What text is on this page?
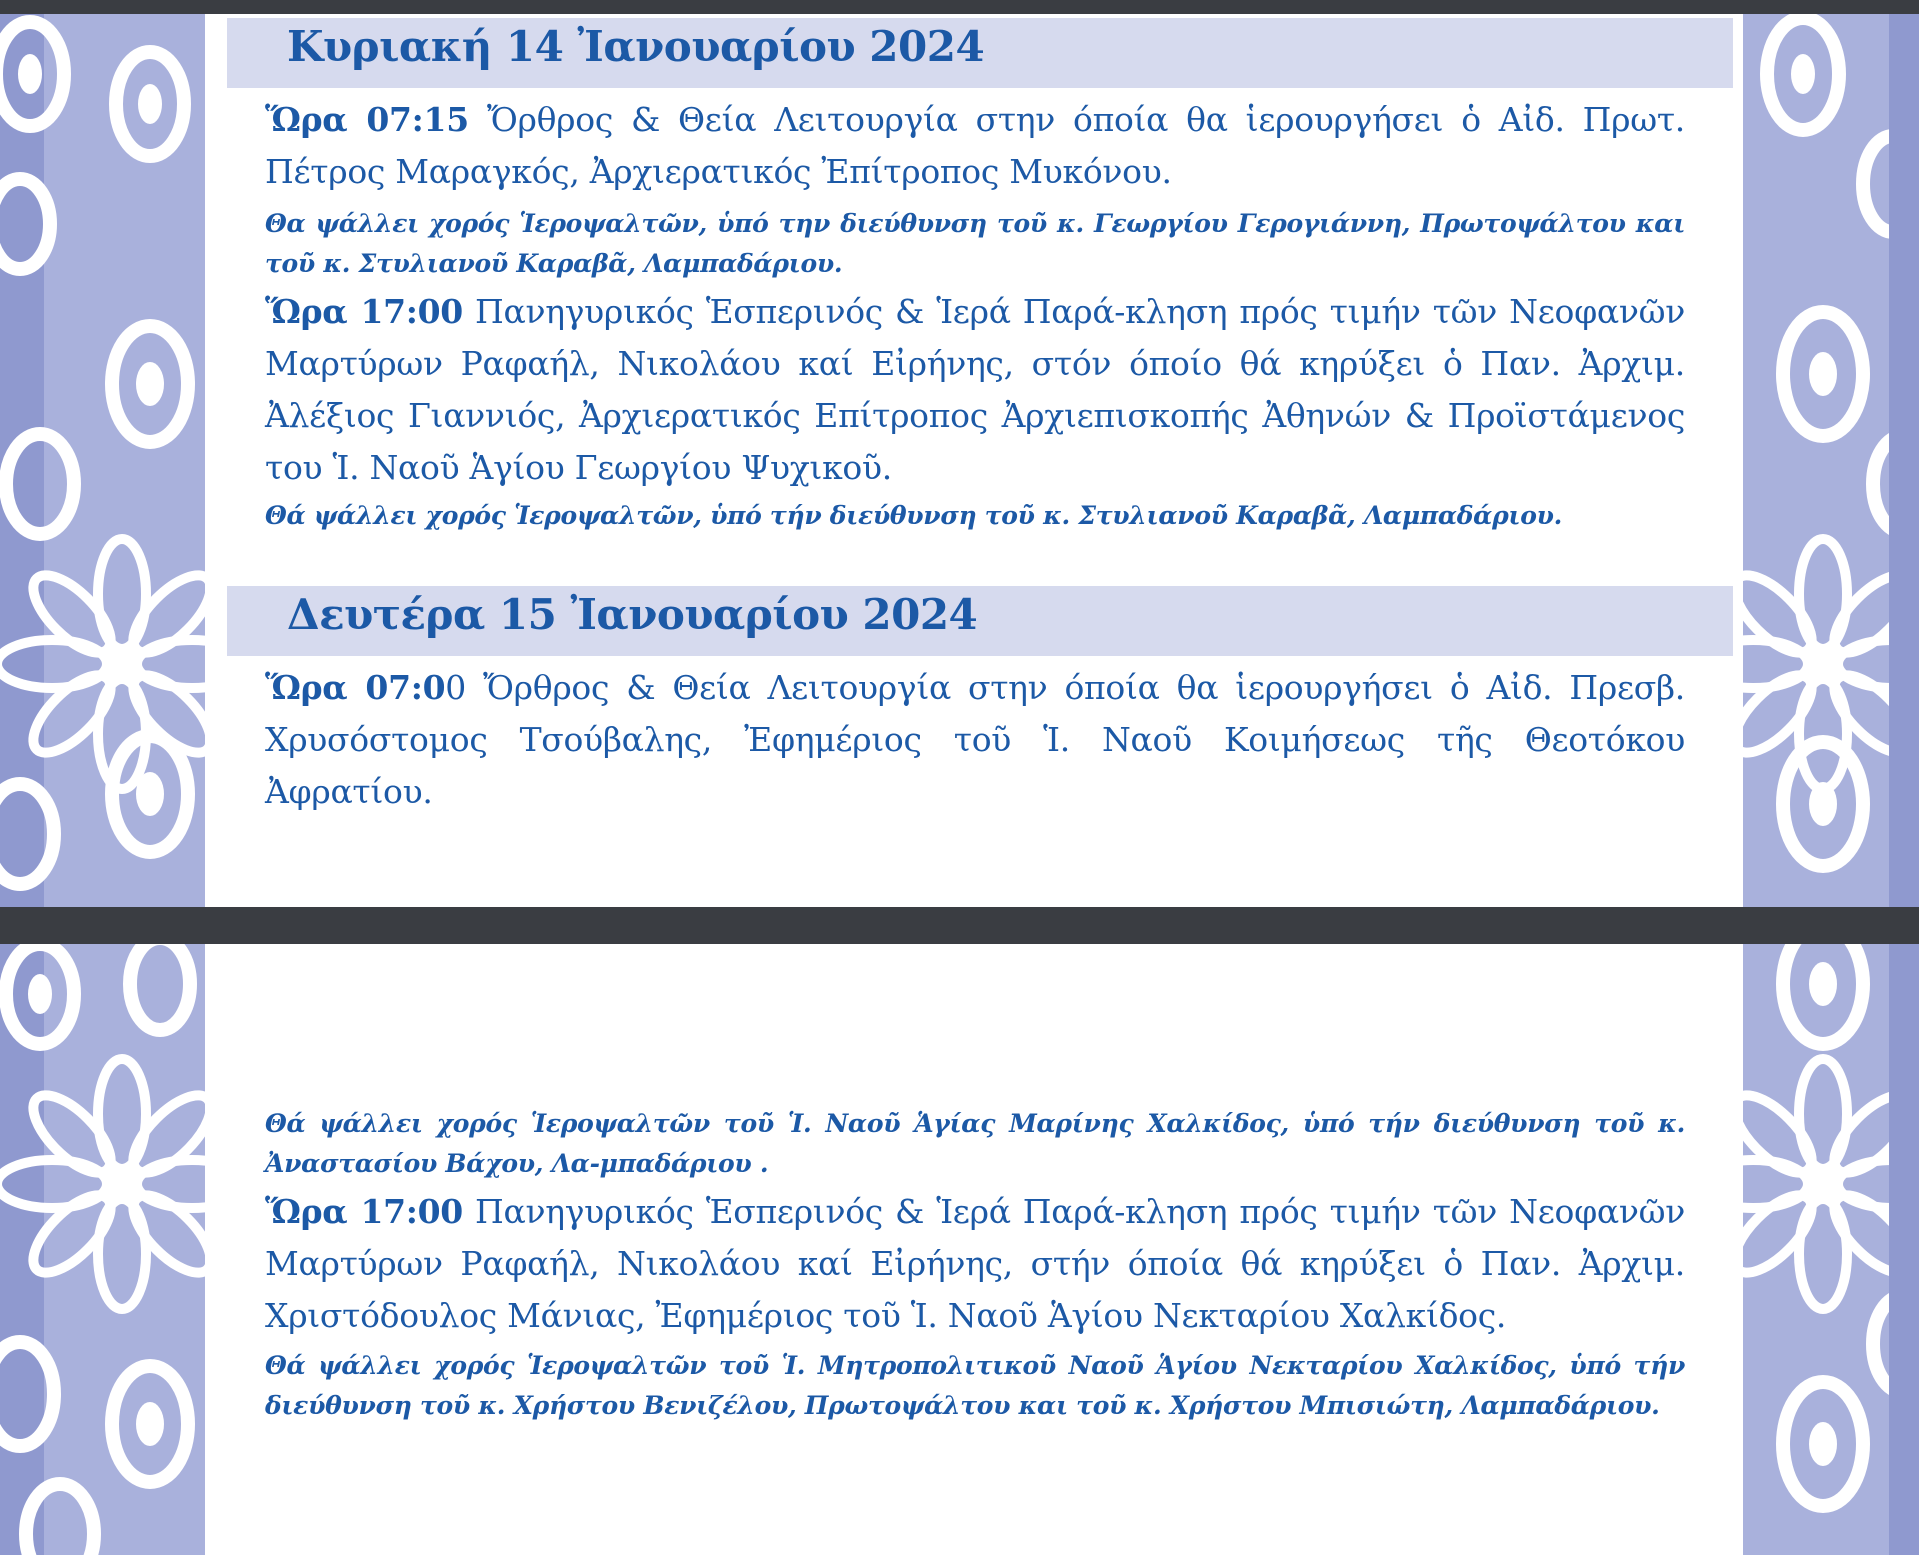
Κυριακή 14 Ἰανουαρίου 2024

Ὥρα 07:15 Ὄρθρος & Θεία Λειτουργία στην όποία θα ἱερουργήσει ὁ Αἰδ. Πρωτ. Πέτρος Μαραγκός, Ἀρχιερατικός Ἐπίτροπος Μυκόνου.

Θα ψάλλει χορός Ἱεροψαλτῶν, ὑπό την διεύθυνση τοῦ κ. Γεωργίου Γερογιάννη, Πρωτοψάλτου και τοῦ κ. Στυλιανοῦ Καραβᾶ, Λαμπαδάριου.

Ὥρα 17:00 Πανηγυρικός Ἑσπερινός & Ἱερά Παρά-κληση πρός τιμήν τῶν Νεοφανῶν Μαρτύρων Ραφαήλ, Νικολάου καί Εἰρήνης, στόν όποίο θά κηρύξει ὁ Παν. Ἀρχιμ. Ἀλέξιος Γιαννιός, Ἀρχιερατικός Επίτροπος Ἀρχιεπισκοπής Ἀθηνών & Προϊστάμενος του Ἱ. Ναοῦ Ἁγίου Γεωργίου Ψυχικοῦ.

Θά ψάλλει χορός Ἱεροψαλτῶν, ὑπό τήν διεύθυνση τοῦ κ. Στυλιανοῦ Καραβᾶ, Λαμπαδάριου.

Δευτέρα 15 Ἰανουαρίου 2024

Ὥρα 07:00 Ὄρθρος & Θεία Λειτουργία στην όποία θα ἱερουργήσει ὁ Αἰδ. Πρεσβ. Χρυσόστομος Τσούβαλης, Ἐφημέριος τοῦ Ἱ. Ναοῦ Κοιμήσεως τῆς Θεοτόκου Ἀφρατίου.

Θά ψάλλει χορός Ἱεροψαλτῶν τοῦ Ἱ. Ναοῦ Ἁγίας Μαρίνης Χαλκίδος, ὑπό τήν διεύθυνση τοῦ κ. Ἀναστασίου Βάχου, Λα-μπαδάριου .

Ὥρα 17:00 Πανηγυρικός Ἑσπερινός & Ἱερά Παρά-κληση πρός τιμήν τῶν Νεοφανῶν Μαρτύρων Ραφαήλ, Νικολάου καί Εἰρήνης, στήν όποία θά κηρύξει ὁ Παν. Ἀρχιμ. Χριστόδουλος Μάνιας, Ἐφημέριος τοῦ Ἱ. Ναοῦ Ἁγίου Νεκταρίου Χαλκίδος.

Θά ψάλλει χορός Ἱεροψαλτῶν τοῦ Ἱ. Μητροπολιτικοῦ Ναοῦ Ἁγίου Νεκταρίου Χαλκίδος, ὑπό τήν διεύθυνση τοῦ κ. Χρήστου Βενιζέλου, Πρωτοψάλτου και τοῦ κ. Χρήστου Μπισιώτη, Λαμπαδάριου.
